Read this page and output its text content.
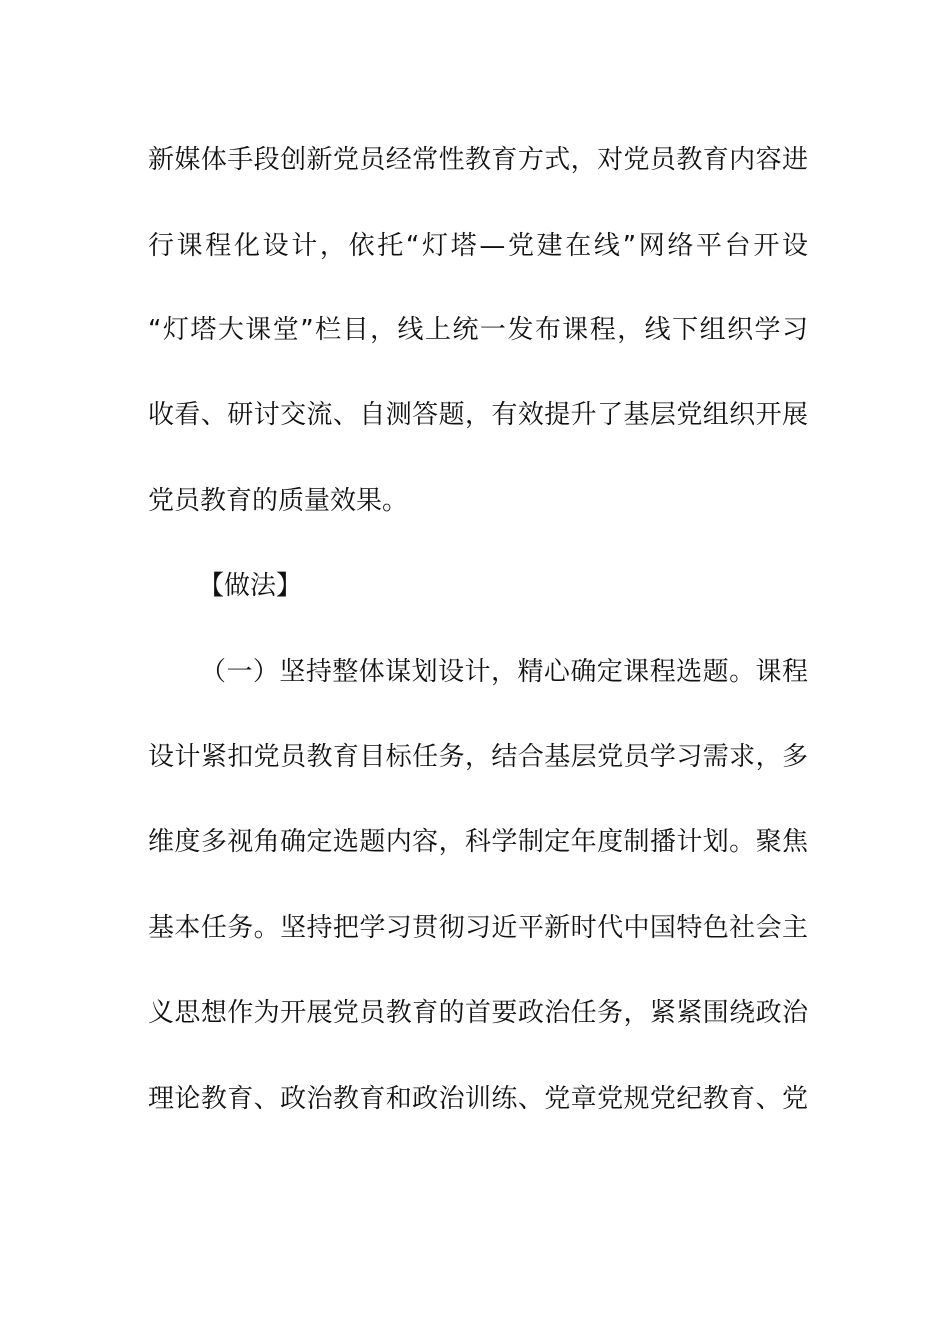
新媒体手段创新党员经常性教育方式，对党员教育内容进
行课程化设计，依托“灯塔—党建在线”网络平台开设
“灯塔大课堂”栏目，线上统一发布课程，线下组织学习
收看、研讨交流、自测答题，有效提升了基层党组织开展
党员教育的质量效果。
【做法】
（一）坚持整体谋划设计，精心确定课程选题。课程
设计紧扣党员教育目标任务，结合基层党员学习需求，多
维度多视角确定选题内容，科学制定年度制播计划。聚焦
基本任务。坚持把学习贯彻习近平新时代中国特色社会主
义思想作为开展党员教育的首要政治任务，紧紧围绕政治
理论教育、政治教育和政治训练、党章党规党纪教育、党
